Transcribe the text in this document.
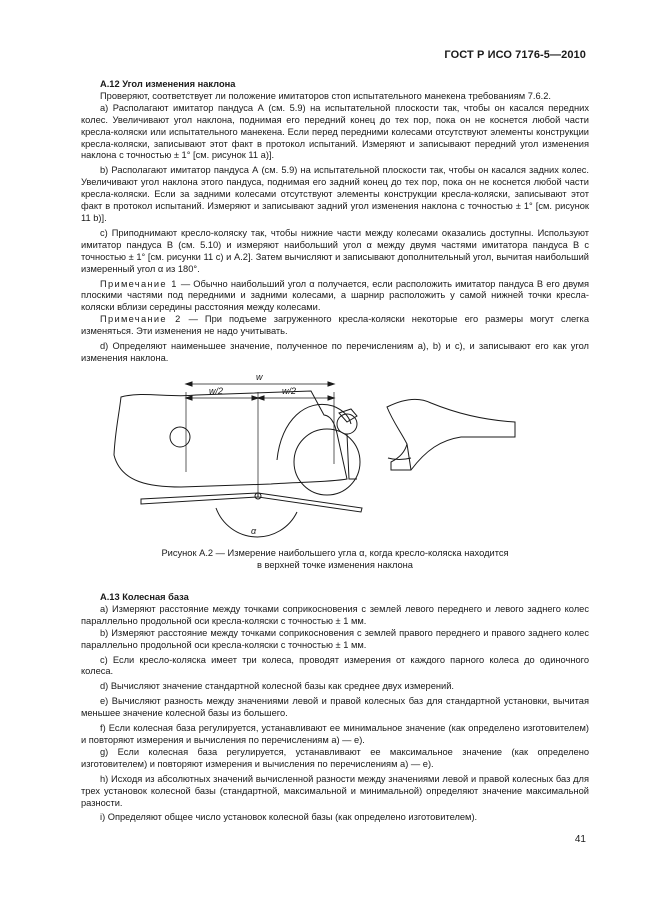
ГОСТ Р ИСО 7176-5—2010

А.12 Угол изменения наклона

Проверяют, соответствует ли положение имитаторов стоп испытательного манекена требованиям 7.6.2.

а) Располагают имитатор пандуса А (см. 5.9) на испытательной плоскости так, чтобы он касался передних колес. Увеличивают угол наклона, поднимая его передний конец до тех пор, пока он не коснется любой части кресла-коляски или испытательного манекена. Если перед передними колесами отсутствуют элементы конструкции кресла-коляски, записывают этот факт в протокол испытаний. Измеряют и записывают передний угол изменения наклона с точностью ± 1° [см. рисунок 11 а)].

b) Располагают имитатор пандуса А (см. 5.9) на испытательной плоскости так, чтобы он касался задних колес. Увеличивают угол наклона этого пандуса, поднимая его задний конец до тех пор, пока он не коснется любой части кресла-коляски. Если за задними колесами отсутствуют элементы конструкции кресла-коляски, записывают этот факт в протокол испытаний. Измеряют и записывают задний угол изменения наклона с точностью ± 1° [см. рисунок 11 b)].

с) Приподнимают кресло-коляску так, чтобы нижние части между колесами оказались доступны. Используют имитатор пандуса В (см. 5.10) и измеряют наибольший угол α между двумя частями имитатора пандуса В с точностью ± 1° [см. рисунки 11 с) и А.2]. Затем вычисляют и записывают дополнительный угол, вычитая наибольший измеренный угол α из 180°.

Примечание 1 — Обычно наибольший угол α получается, если расположить имитатор пандуса В его двумя плоскими частями под передними и задними колесами, а шарнир расположить у самой нижней точки кресла-коляски вблизи середины расстояния между колесами.

Примечание 2 — При подъеме загруженного кресла-коляски некоторые его размеры могут слегка изменяться. Эти изменения не надо учитывать.

d) Определяют наименьшее значение, полученное по перечислениям а), b) и с), и записывают его как угол изменения наклона.

w
w/2	w/2
α
Рисунок А.2 — Измерение наибольшего угла α, когда кресло-коляска находится
в верхней точке изменения наклона

А.13 Колесная база

а) Измеряют расстояние между точками соприкосновения с землей левого переднего и левого заднего колес параллельно продольной оси кресла-коляски с точностью ± 1 мм.

b) Измеряют расстояние между точками соприкосновения с землей правого переднего и правого заднего колес параллельно продольной оси кресла-коляски с точностью ± 1 мм.

с) Если кресло-коляска имеет три колеса, проводят измерения от каждого парного колеса до одиночного колеса.

d) Вычисляют значение стандартной колесной базы как среднее двух измерений.

е) Вычисляют разность между значениями левой и правой колесных баз для стандартной установки, вычитая меньшее значение колесной базы из большего.

f) Если колесная база регулируется, устанавливают ее минимальное значение (как определено изготовителем) и повторяют измерения и вычисления по перечислениям а) — е).

g) Если колесная база регулируется, устанавливают ее максимальное значение (как определено изготовителем) и повторяют измерения и вычисления по перечислениям а) — е).

h) Исходя из абсолютных значений вычисленной разности между значениями левой и правой колесных баз для трех установок колесной базы (стандартной, максимальной и минимальной) определяют значение максимальной разности.

i) Определяют общее число установок колесной базы (как определено изготовителем).

41
